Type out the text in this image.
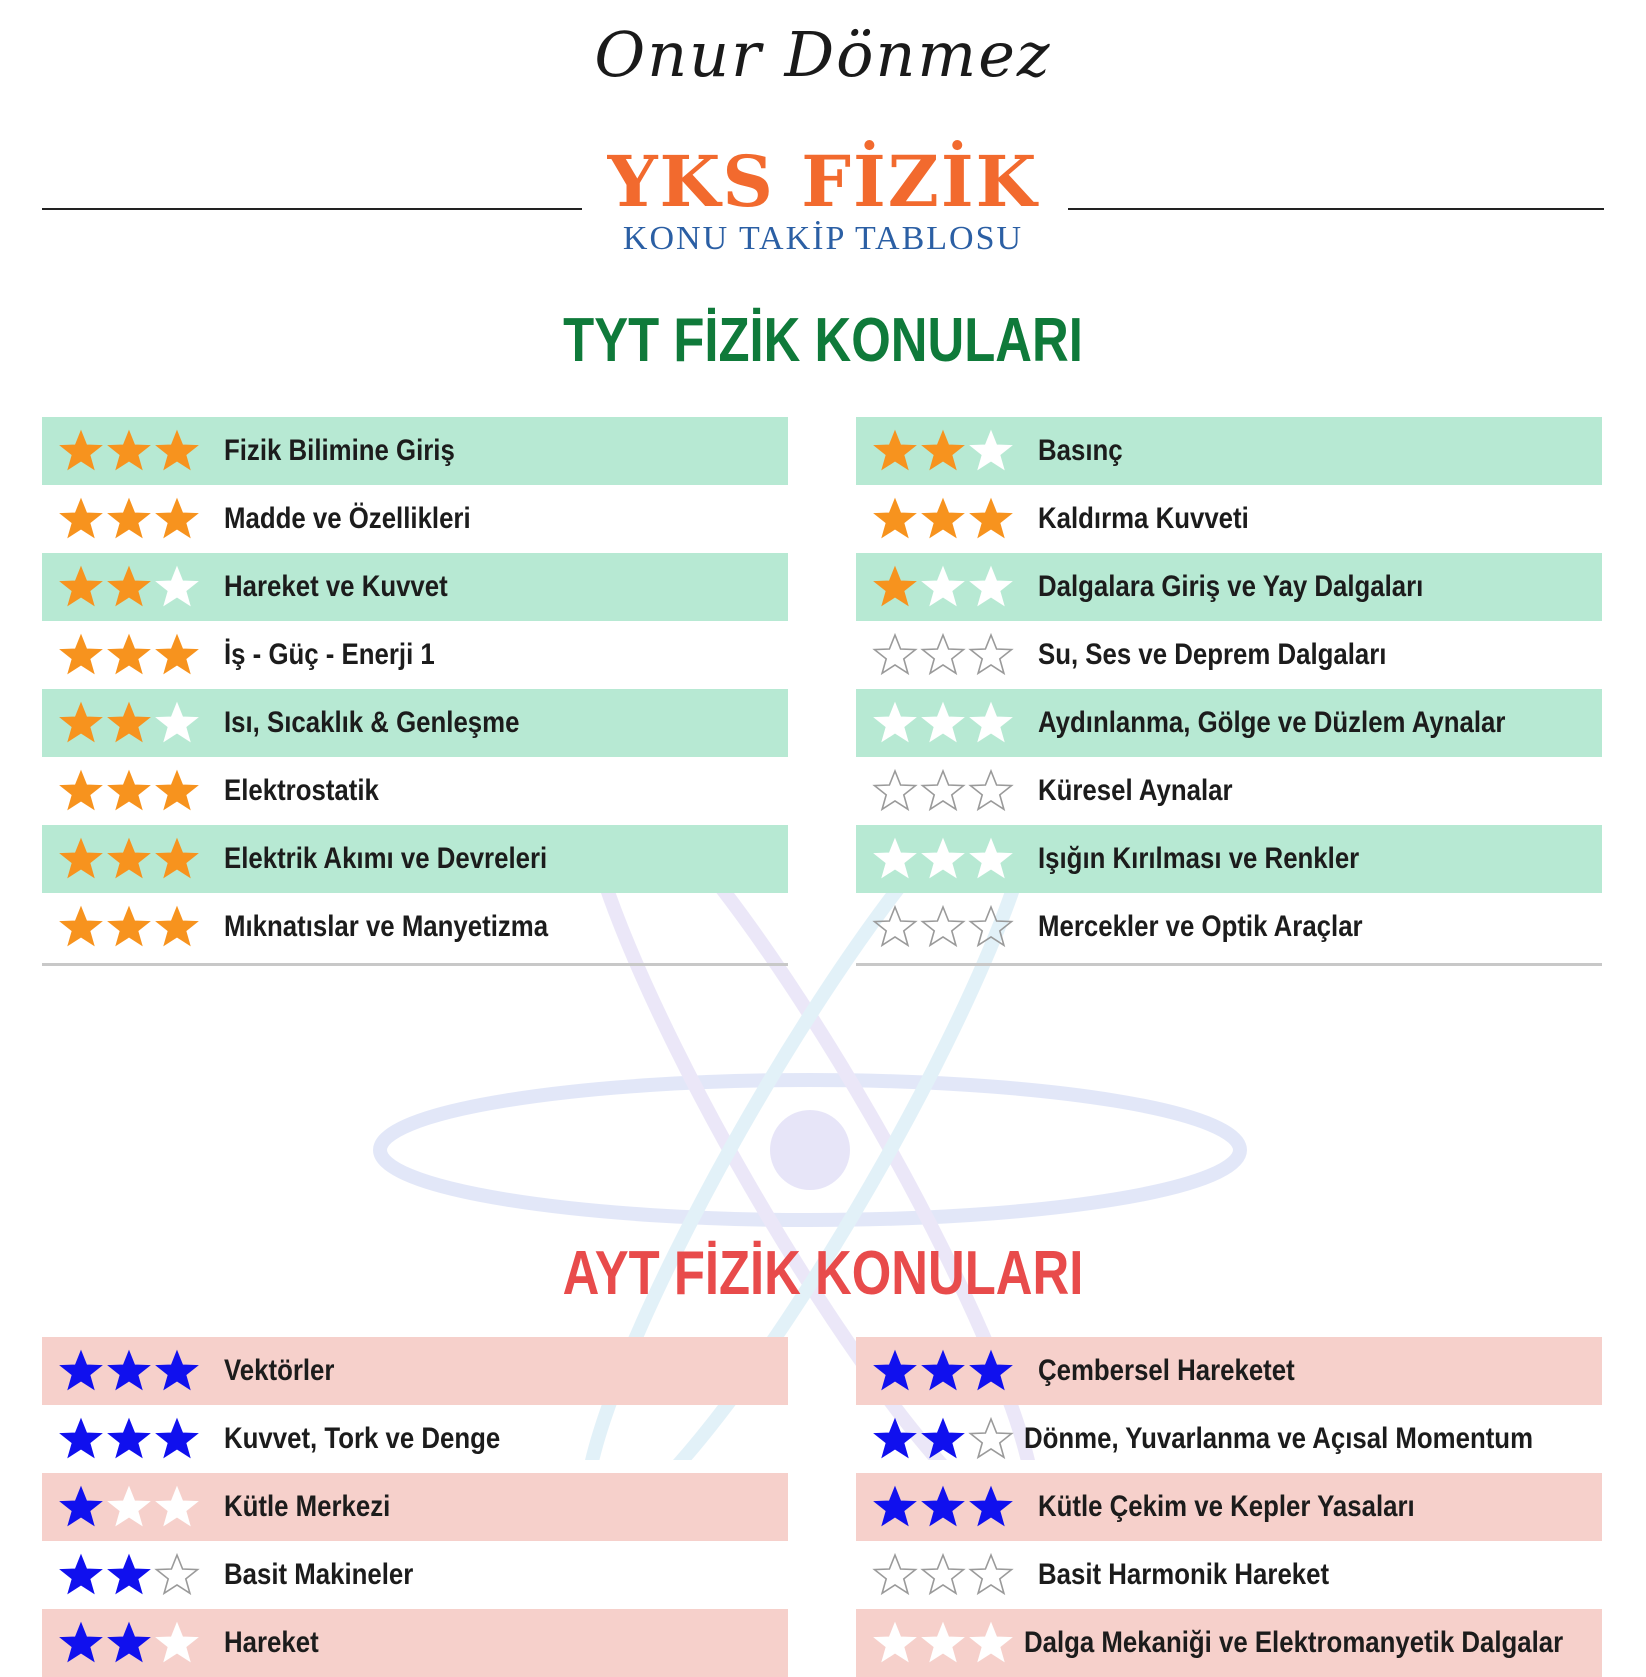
Onur Dönmez
YKS FİZİK
KONU TAKİP TABLOSU
TYT FİZİK KONULARI
Fizik Bilimine Giriş
Madde ve Özellikleri
Hareket ve Kuvvet
İş - Güç - Enerji 1
Isı, Sıcaklık & Genleşme
Elektrostatik
Elektrik Akımı ve Devreleri
Mıknatıslar ve Manyetizma
Basınç
Kaldırma Kuvveti
Dalgalara Giriş ve Yay Dalgaları
Su, Ses ve Deprem Dalgaları
Aydınlanma, Gölge ve Düzlem Aynalar
Küresel Aynalar
Işığın Kırılması ve Renkler
Mercekler ve Optik Araçlar
AYT FİZİK KONULARI
Vektörler
Kuvvet, Tork ve Denge
Kütle Merkezi
Basit Makineler
Hareket
Çembersel Hareketet
Dönme, Yuvarlanma ve Açısal Momentum
Kütle Çekim ve Kepler Yasaları
Basit Harmonik Hareket
Dalga Mekaniği ve Elektromanyetik Dalgalar
